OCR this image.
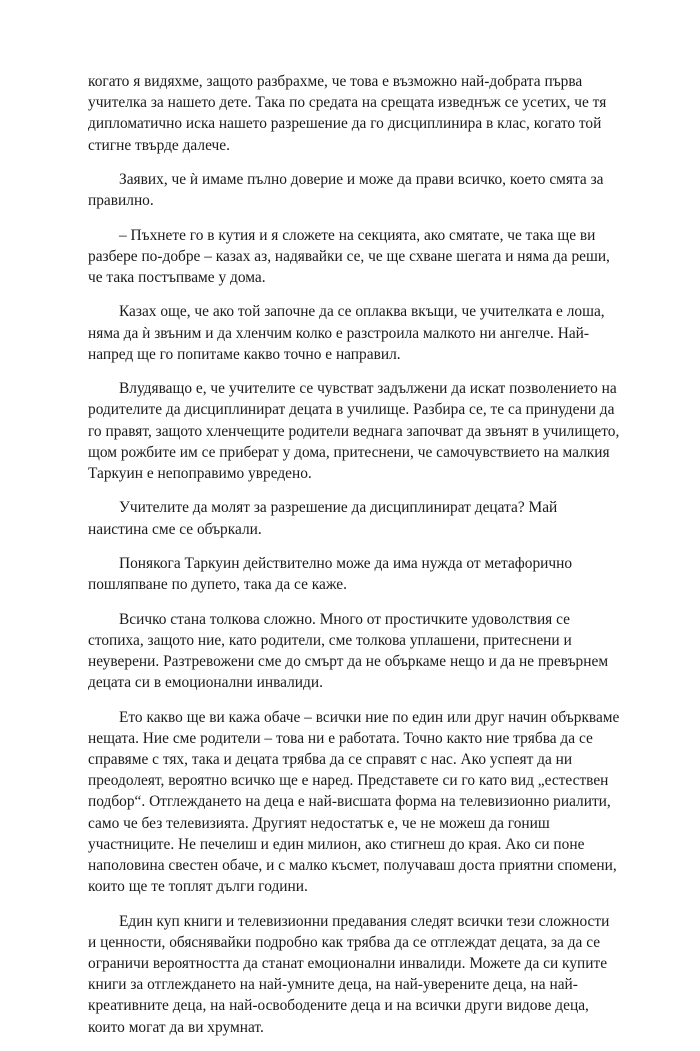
когато я видяхме, защото разбрахме, че това е възможно най-добрата първа учителка за нашето дете. Така по средата на срещата изведнъж се усетих, че тя дипломатично иска нашето разрешение да го дисциплинира в клас, когато той стигне твърде далече.

Заявих, че ѝ имаме пълно доверие и може да прави всичко, което смята за правилно.

– Пъхнете го в кутия и я сложете на секцията, ако смятате, че така ще ви разбере по-добре – казах аз, надявайки се, че ще схване шегата и няма да реши, че така постъпваме у дома.

Казах още, че ако той започне да се оплаква вкъщи, че учителката е лоша, няма да ѝ звъним и да хленчим колко е разстроила малкото ни ангелче. Най-напред ще го попитаме какво точно е направил.

Влудяващо е, че учителите се чувстват задължени да искат позволението на родителите да дисциплинират децата в училище. Разбира се, те са принудени да го правят, защото хленчещите родители веднага започват да звънят в училището, щом рожбите им се приберат у дома, притеснени, че самочувствието на малкия Таркуин е непоправимо увредено.

Учителите да молят за разрешение да дисциплинират децата? Май наистина сме се объркали.

Понякога Таркуин действително може да има нужда от метафорично пошляпване по дупето, така да се каже.

Всичко стана толкова сложно. Много от простичките удоволствия се стопиха, защото ние, като родители, сме толкова уплашени, притеснени и неуверени. Разтревожени сме до смърт да не объркаме нещо и да не превърнем децата си в емоционални инвалиди.

Ето какво ще ви кажа обаче – всички ние по един или друг начин объркваме нещата. Ние сме родители – това ни е работата. Точно както ние трябва да се справяме с тях, така и децата трябва да се справят с нас. Ако успеят да ни преодолеят, вероятно всичко ще е наред. Представете си го като вид „естествен подбор“. Отглеждането на деца е най-висшата форма на телевизионно риалити, само че без телевизията. Другият недостатък е, че не можеш да гониш участниците. Не печелиш и един милион, ако стигнеш до края. Ако си поне наполовина свестен обаче, и с малко късмет, получаваш доста приятни спомени, които ще те топлят дълги години.

Един куп книги и телевизионни предавания следят всички тези сложности и ценности, обяснявайки подробно как трябва да се отглеждат децата, за да се ограничи вероятността да станат емоционални инвалиди. Можете да си купите книги за отглеждането на най-умните деца, на най-уверените деца, на най-креативните деца, на най-освободените деца и на всички други видове деца, които могат да ви хрумнат.
